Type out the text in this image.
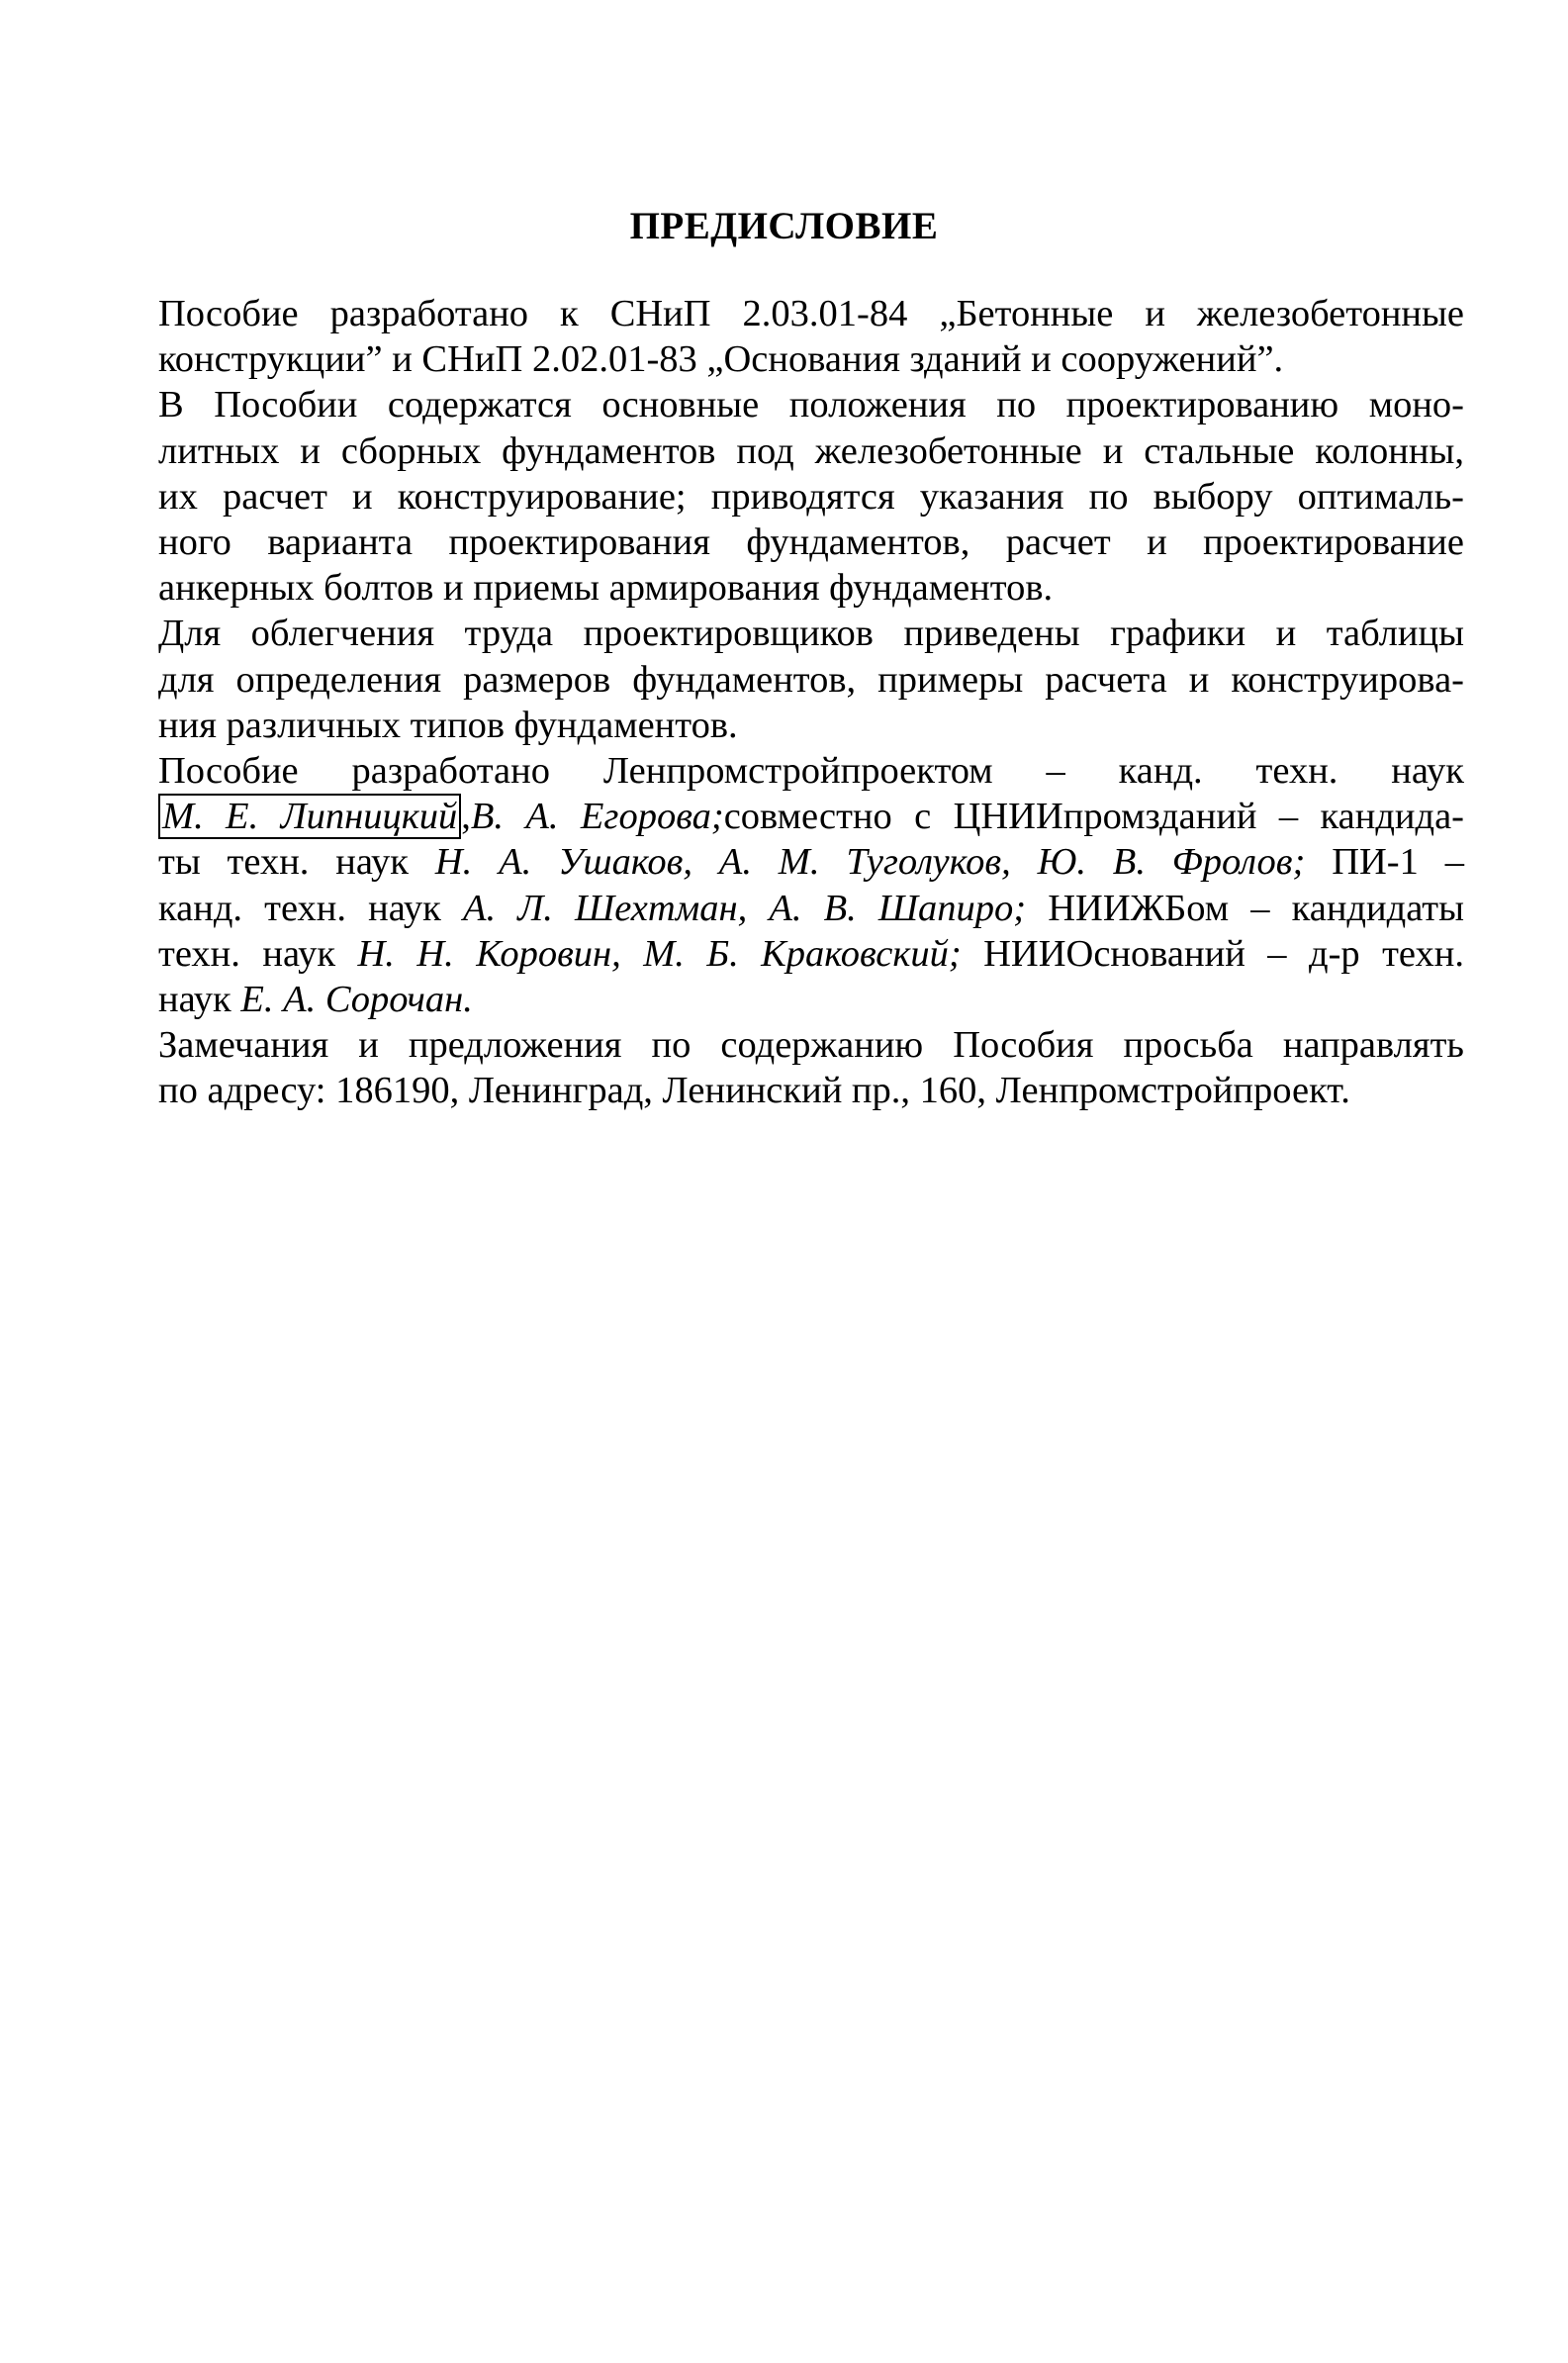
ПРЕДИСЛОВИЕ

Пособие разработано к СНиП 2.03.01-84 „Бетонные и железобетонные
конструкции” и СНиП 2.02.01-83 „Основания зданий и сооружений”.

В Пособии содержатся основные положения по проектированию моно-
литных и сборных фундаментов под железобетонные и стальные колонны,
их расчет и конструирование; приводятся указания по выбору оптималь-
ного варианта проектирования фундаментов, расчет и проектирование
анкерных болтов и приемы армирования фундаментов.

Для облегчения труда проектировщиков приведены графики и таблицы
для определения размеров фундаментов, примеры расчета и конструирова-
ния различных типов фундаментов.

Пособие разработано Ленпромстройпроектом – канд. техн. наук
М. Е. Липницкий ,В. А. Егорова;совместно с ЦНИИпромзданий – кандида-
ты техн. наук Н. А. Ушаков, А. М. Туголуков, Ю. В. Фролов; ПИ-1 –
канд. техн. наук А. Л. Шехтман, А. В. Шапиро; НИИЖБом – кандидаты
техн. наук Н. Н. Коровин, М. Б. Краковский; НИИОснований – д-р техн.
наук Е. А. Сорочан.

Замечания и предложения по содержанию Пособия просьба направлять
по адресу: 186190, Ленинград, Ленинский пр., 160, Ленпромстройпроект.
